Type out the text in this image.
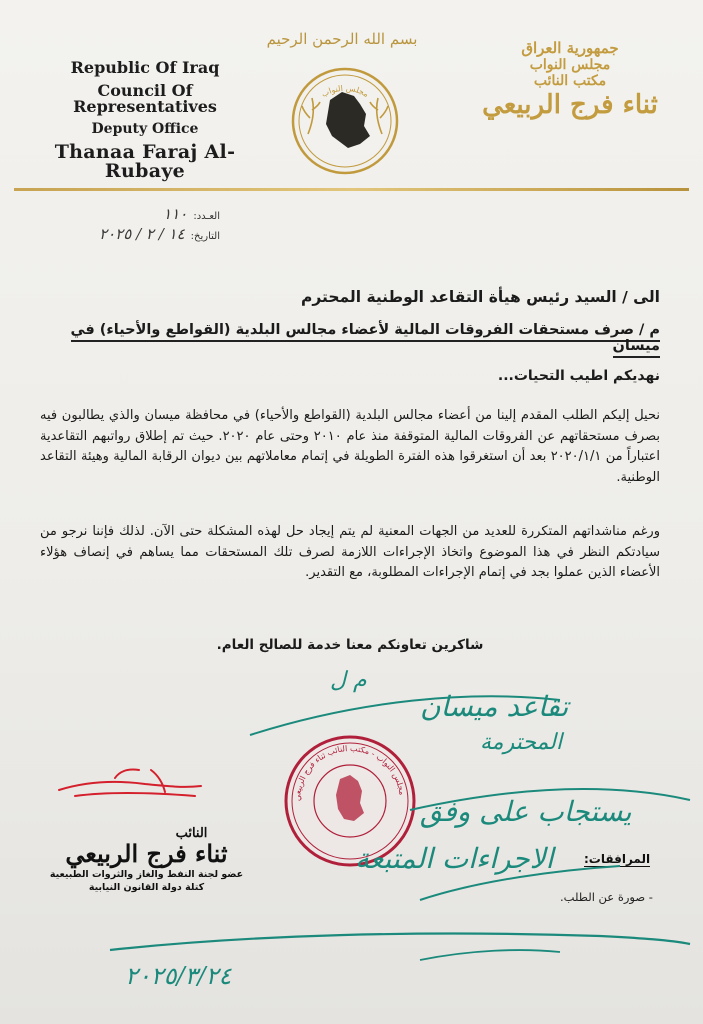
Republic Of Iraq
Council Of Representatives
Deputy Office
Thanaa Faraj Al-Rubaye
بسم الله الرحمن الرحيم
مجلس النواب
جمهورية العراق
مجلس النواب
مكتب النائب
ثناء فرج الربيعي
العـدد:
١١٠
التاريخ:
١٤ / ٢ / ٢٠٢٥
الى / السيد رئيس هيأة التقاعد الوطنية المحترم
م / صرف مستحقات الفروقات المالية لأعضاء مجالس البلدية (القواطع والأحياء) في ميسان
نهديكم اطيب التحيات...
نحيل إليكم الطلب المقدم إلينا من أعضاء مجالس البلدية (القواطع والأحياء) في محافظة ميسان والذي يطالبون فيه بصرف مستحقاتهم عن الفروقات المالية المتوقفة منذ عام ٢٠١٠ وحتى عام ٢٠٢٠. حيث تم إطلاق رواتبهم التقاعدية اعتباراً من ٢٠٢٠/١/١ بعد أن استغرقوا هذه الفترة الطويلة في إتمام معاملاتهم بين ديوان الرقابة المالية وهيئة التقاعد الوطنية.
ورغم مناشداتهم المتكررة للعديد من الجهات المعنية لم يتم إيجاد حل لهذه المشكلة حتى الآن. لذلك فإننا نرجو من سيادتكم النظر في هذا الموضوع واتخاذ الإجراءات اللازمة لصرف تلك المستحقات مما يساهم في إنصاف هؤلاء الأعضاء الذين عملوا بجد في إتمام الإجراءات المطلوبة، مع التقدير.
شاكرين تعاونكم معنا خدمة للصالح العام.
المرافقات:
- صورة عن الطلب.
مجلس النواب - مكتب النائب ثناء فرج الربيعي
النائب
ثناء فرج الربيعي
عضو لجنة النفط والغاز والثروات الطبيعية
كتلة دولة القانون النيابية
م ل
تقاعد ميسان
المحترمة
يستجاب على وفق
الاجراءات المتبعة
٢٠٢٥/٣/٢٤
